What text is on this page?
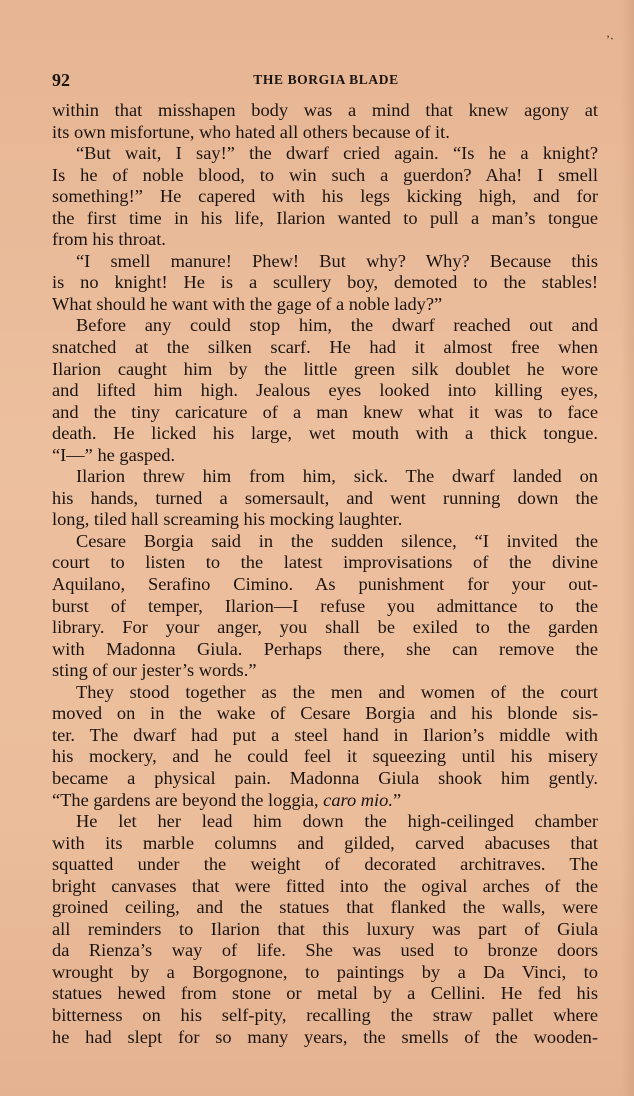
’‧
92	THE BORGIA BLADE
within that misshapen body was a mind that knew agony at
its own misfortune, who hated all others because of it.
“But wait, I say!” the dwarf cried again. “Is he a knight?
Is he of noble blood, to win such a guerdon? Aha! I smell
something!” He capered with his legs kicking high, and for
the first time in his life, Ilarion wanted to pull a man’s tongue
from his throat.
“I smell manure! Phew! But why? Why? Because this
is no knight! He is a scullery boy, demoted to the stables!
What should he want with the gage of a noble lady?”
Before any could stop him, the dwarf reached out and
snatched at the silken scarf. He had it almost free when
Ilarion caught him by the little green silk doublet he wore
and lifted him high. Jealous eyes looked into killing eyes,
and the tiny caricature of a man knew what it was to face
death. He licked his large, wet mouth with a thick tongue.
“I—” he gasped.
Ilarion threw him from him, sick. The dwarf landed on
his hands, turned a somersault, and went running down the
long, tiled hall screaming his mocking laughter.
Cesare Borgia said in the sudden silence, “I invited the
court to listen to the latest improvisations of the divine
Aquilano, Serafino Cimino. As punishment for your out-
burst of temper, Ilarion—I refuse you admittance to the
library. For your anger, you shall be exiled to the garden
with Madonna Giula. Perhaps there, she can remove the
sting of our jester’s words.”
They stood together as the men and women of the court
moved on in the wake of Cesare Borgia and his blonde sis-
ter. The dwarf had put a steel hand in Ilarion’s middle with
his mockery, and he could feel it squeezing until his misery
became a physical pain. Madonna Giula shook him gently.
“The gardens are beyond the loggia, caro mio.”
He let her lead him down the high-ceilinged chamber
with its marble columns and gilded, carved abacuses that
squatted under the weight of decorated architraves. The
bright canvases that were fitted into the ogival arches of the
groined ceiling, and the statues that flanked the walls, were
all reminders to Ilarion that this luxury was part of Giula
da Rienza’s way of life. She was used to bronze doors
wrought by a Borgognone, to paintings by a Da Vinci, to
statues hewed from stone or metal by a Cellini. He fed his
bitterness on his self-pity, recalling the straw pallet where
he had slept for so many years, the smells of the wooden-
